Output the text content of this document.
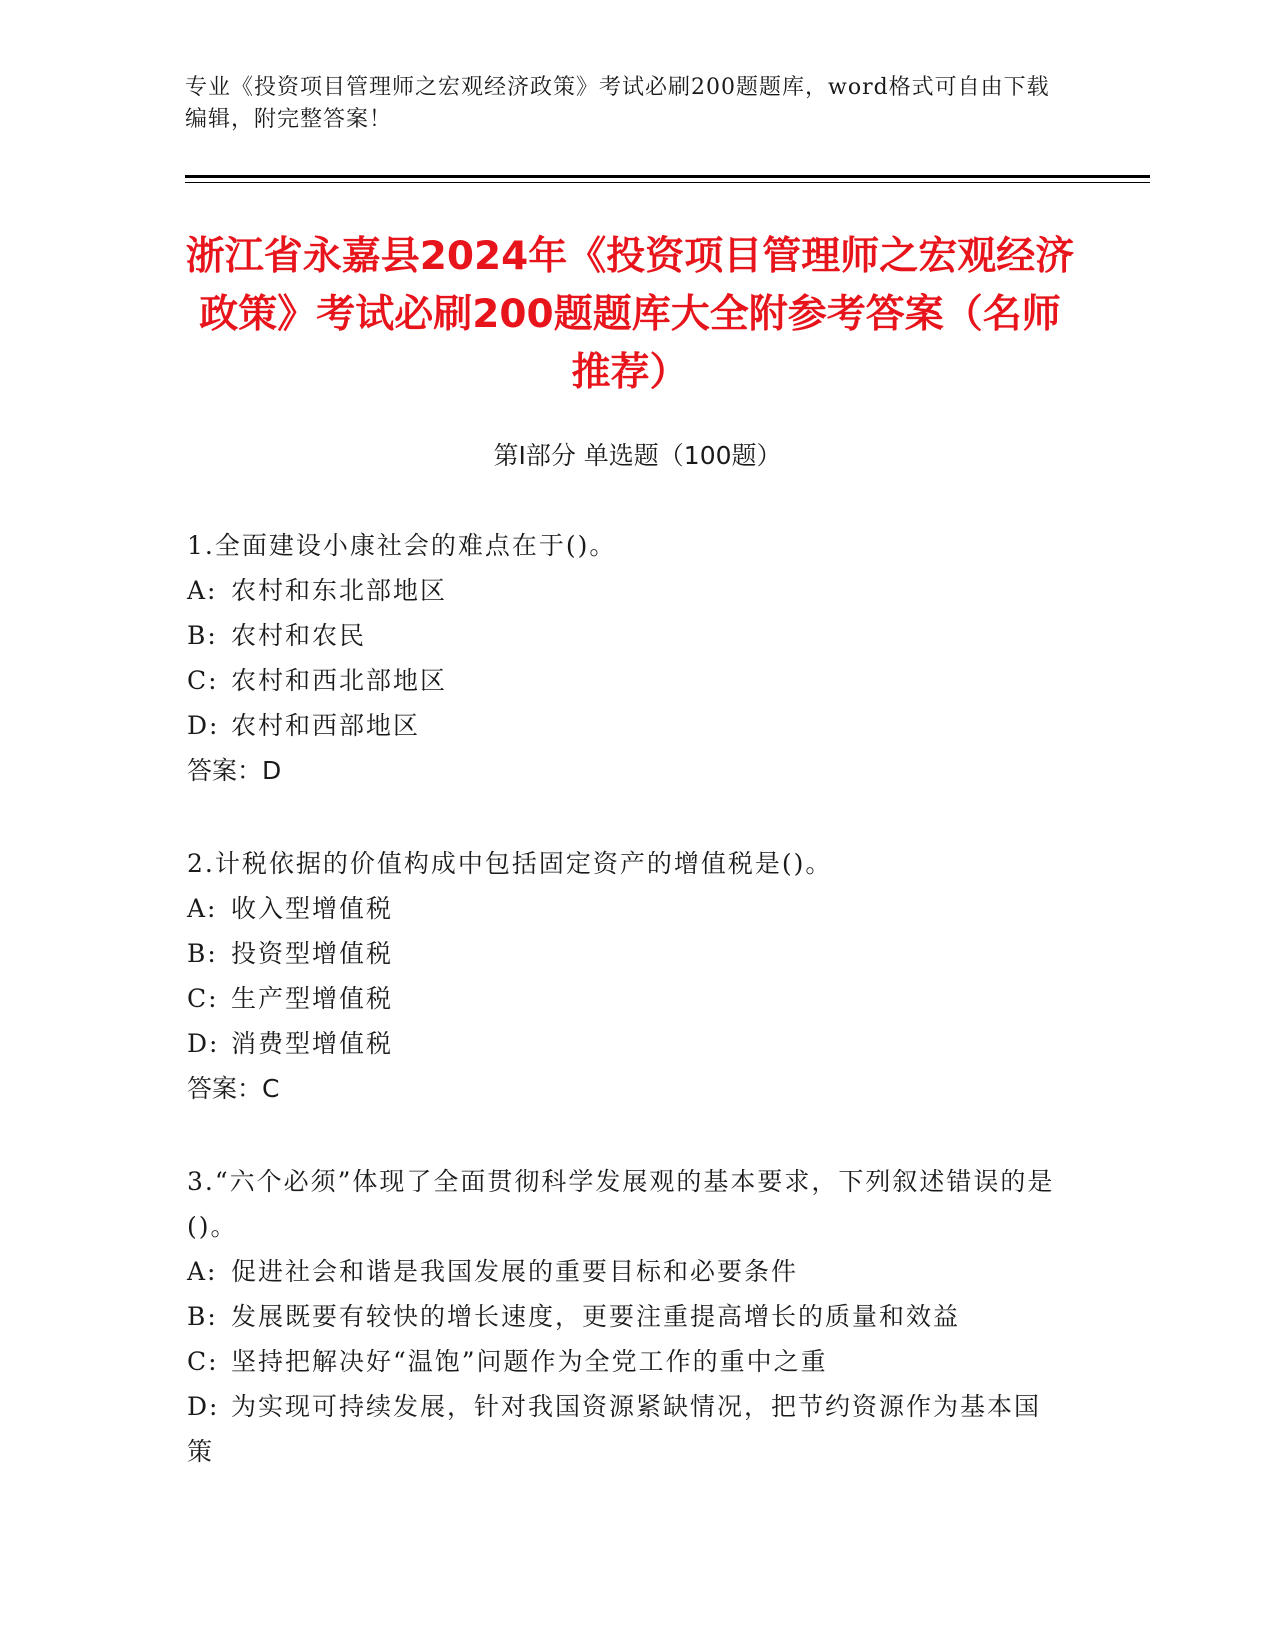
专业《投资项目管理师之宏观经济政策》考试必刷200题题库，word格式可自由下载编辑，附完整答案！
浙江省永嘉县2024年《投资项目管理师之宏观经济政策》考试必刷200题题库大全附参考答案（名师推荐）
第I部分 单选题（100题）

1.全面建设小康社会的难点在于()。

A: 农村和东北部地区

B: 农村和农民

C: 农村和西北部地区

D: 农村和西部地区

答案：D

2.计税依据的价值构成中包括固定资产的增值税是()。

A: 收入型增值税

B: 投资型增值税

C: 生产型增值税

D: 消费型增值税

答案：C

3.“六个必须”体现了全面贯彻科学发展观的基本要求，下列叙述错误的是()。

A: 促进社会和谐是我国发展的重要目标和必要条件

B: 发展既要有较快的增长速度，更要注重提高增长的质量和效益

C: 坚持把解决好“温饱”问题作为全党工作的重中之重

D: 为实现可持续发展，针对我国资源紧缺情况，把节约资源作为基本国策
